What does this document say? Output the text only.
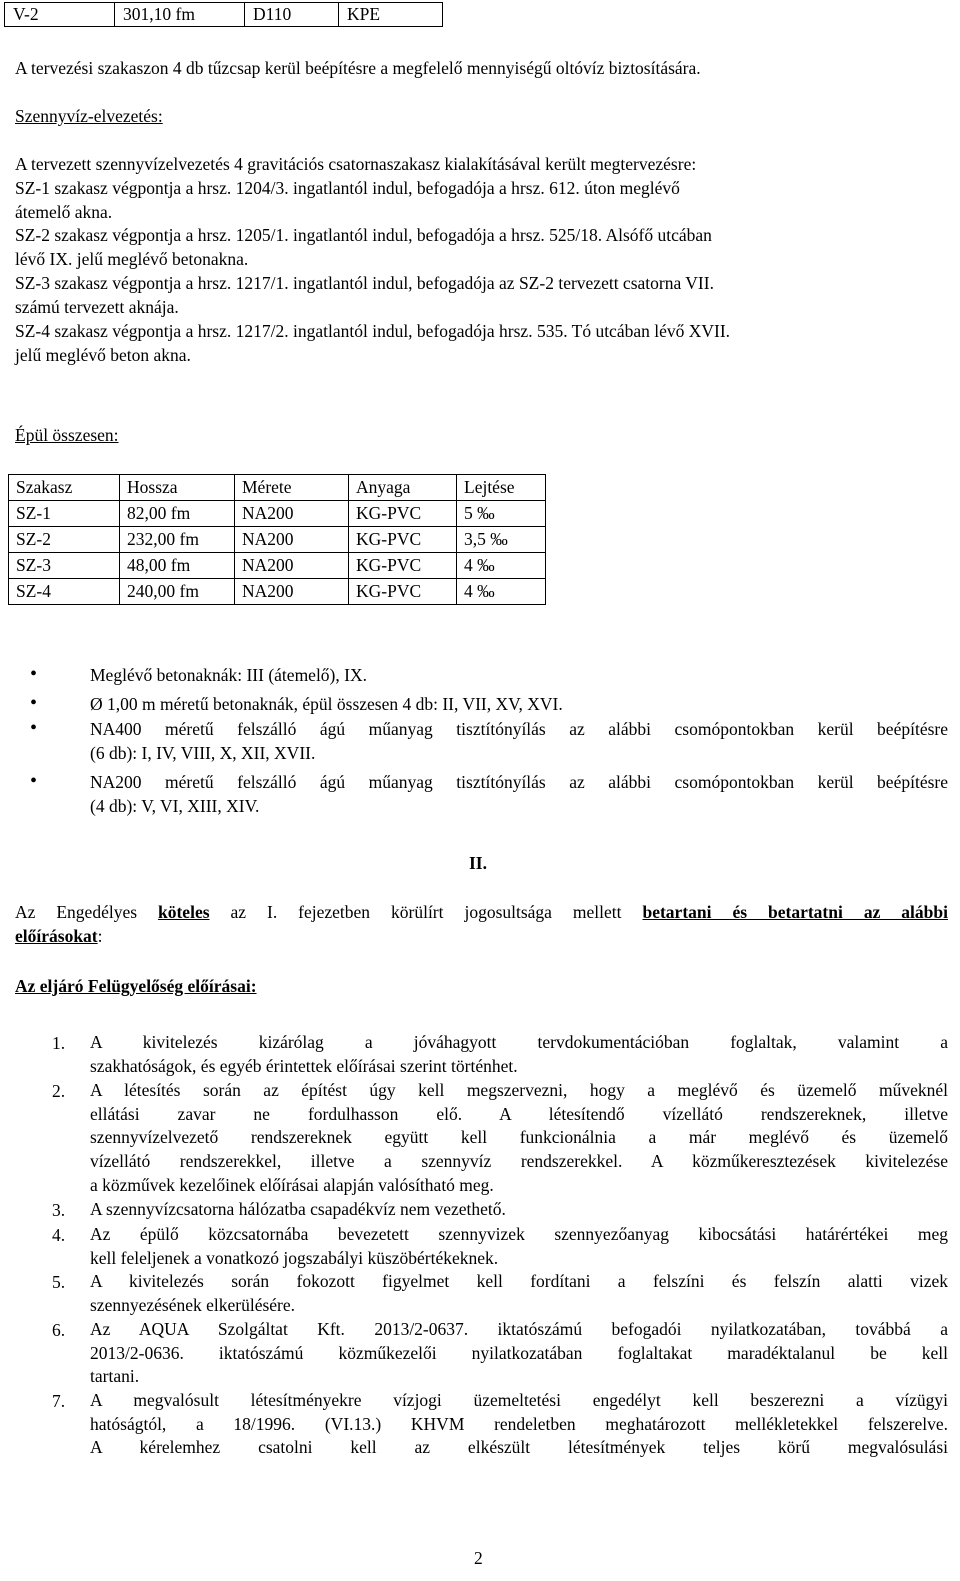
V-2	301,10 fm	D110	KPE
A tervezési szakaszon 4 db tűzcsap kerül beépítésre a megfelelő mennyiségű oltóvíz biztosítására.
Szennyvíz-elvezetés:
A tervezett szennyvízelvezetés 4 gravitációs csatornaszakasz kialakításával került megtervezésre:
SZ-1 szakasz végpontja a hrsz. 1204/3. ingatlantól indul, befogadója a hrsz. 612. úton meglévő
átemelő akna.
SZ-2 szakasz végpontja a hrsz. 1205/1. ingatlantól indul, befogadója a hrsz. 525/18. Alsófő utcában
lévő IX. jelű meglévő betonakna.
SZ-3 szakasz végpontja a hrsz. 1217/1. ingatlantól indul, befogadója az SZ-2 tervezett csatorna VII.
számú tervezett aknája.
SZ-4 szakasz végpontja a hrsz. 1217/2. ingatlantól indul, befogadója hrsz. 535. Tó utcában lévő XVII.
jelű meglévő beton akna.
Épül összesen:
Szakasz	Hossza	Mérete	Anyaga	Lejtése
SZ-1	82,00 fm	NA200	KG-PVC	5 ‰
SZ-2	232,00 fm	NA200	KG-PVC	3,5 ‰
SZ-3	48,00 fm	NA200	KG-PVC	4 ‰
SZ-4	240,00 fm	NA200	KG-PVC	4 ‰
•	Meglévő betonaknák: III (átemelő), IX.
•	Ø 1,00 m méretű betonaknák, épül összesen 4 db: II, VII, XV, XVI.
•	NA400 méretű felszálló ágú műanyag tisztítónyílás az alábbi csomópontokban kerül beépítésre
(6 db): I, IV, VIII, X, XII, XVII.
•	NA200 méretű felszálló ágú műanyag tisztítónyílás az alábbi csomópontokban kerül beépítésre
(4 db): V, VI, XIII, XIV.
II.
Az Engedélyes köteles az I. fejezetben körülírt jogosultsága mellett betartani és betartatni az alábbi
előírásokat:
Az eljáró Felügyelőség előírásai:
1. A kivitelezés kizárólag a jóváhagyott tervdokumentációban foglaltak, valamint a
szakhatóságok, és egyéb érintettek előírásai szerint történhet.
2. A létesítés során az építést úgy kell megszervezni, hogy a meglévő és üzemelő műveknél
ellátási zavar ne fordulhasson elő. A létesítendő vízellátó rendszereknek, illetve
szennyvízelvezető rendszereknek együtt kell funkcionálnia a már meglévő és üzemelő
vízellátó rendszerekkel, illetve a szennyvíz rendszerekkel. A közműkeresztezések kivitelezése
a közművek kezelőinek előírásai alapján valósítható meg.
3. A szennyvízcsatorna hálózatba csapadékvíz nem vezethető.
4. Az épülő közcsatornába bevezetett szennyvizek szennyezőanyag kibocsátási határértékei meg
kell feleljenek a vonatkozó jogszabályi küszöbértékeknek.
5. A kivitelezés során fokozott figyelmet kell fordítani a felszíni és felszín alatti vizek
szennyezésének elkerülésére.
6. Az AQUA Szolgáltat Kft. 2013/2-0637. iktatószámú befogadói nyilatkozatában, továbbá a
2013/2-0636. iktatószámú közműkezelői nyilatkozatában foglaltakat maradéktalanul be kell
tartani.
7. A megvalósult létesítményekre vízjogi üzemeltetési engedélyt kell beszerezni a vízügyi
hatóságtól, a 18/1996. (VI.13.) KHVM rendeletben meghatározott mellékletekkel felszerelve.
A kérelemhez csatolni kell az elkészült létesítmények teljes körű megvalósulási
2
